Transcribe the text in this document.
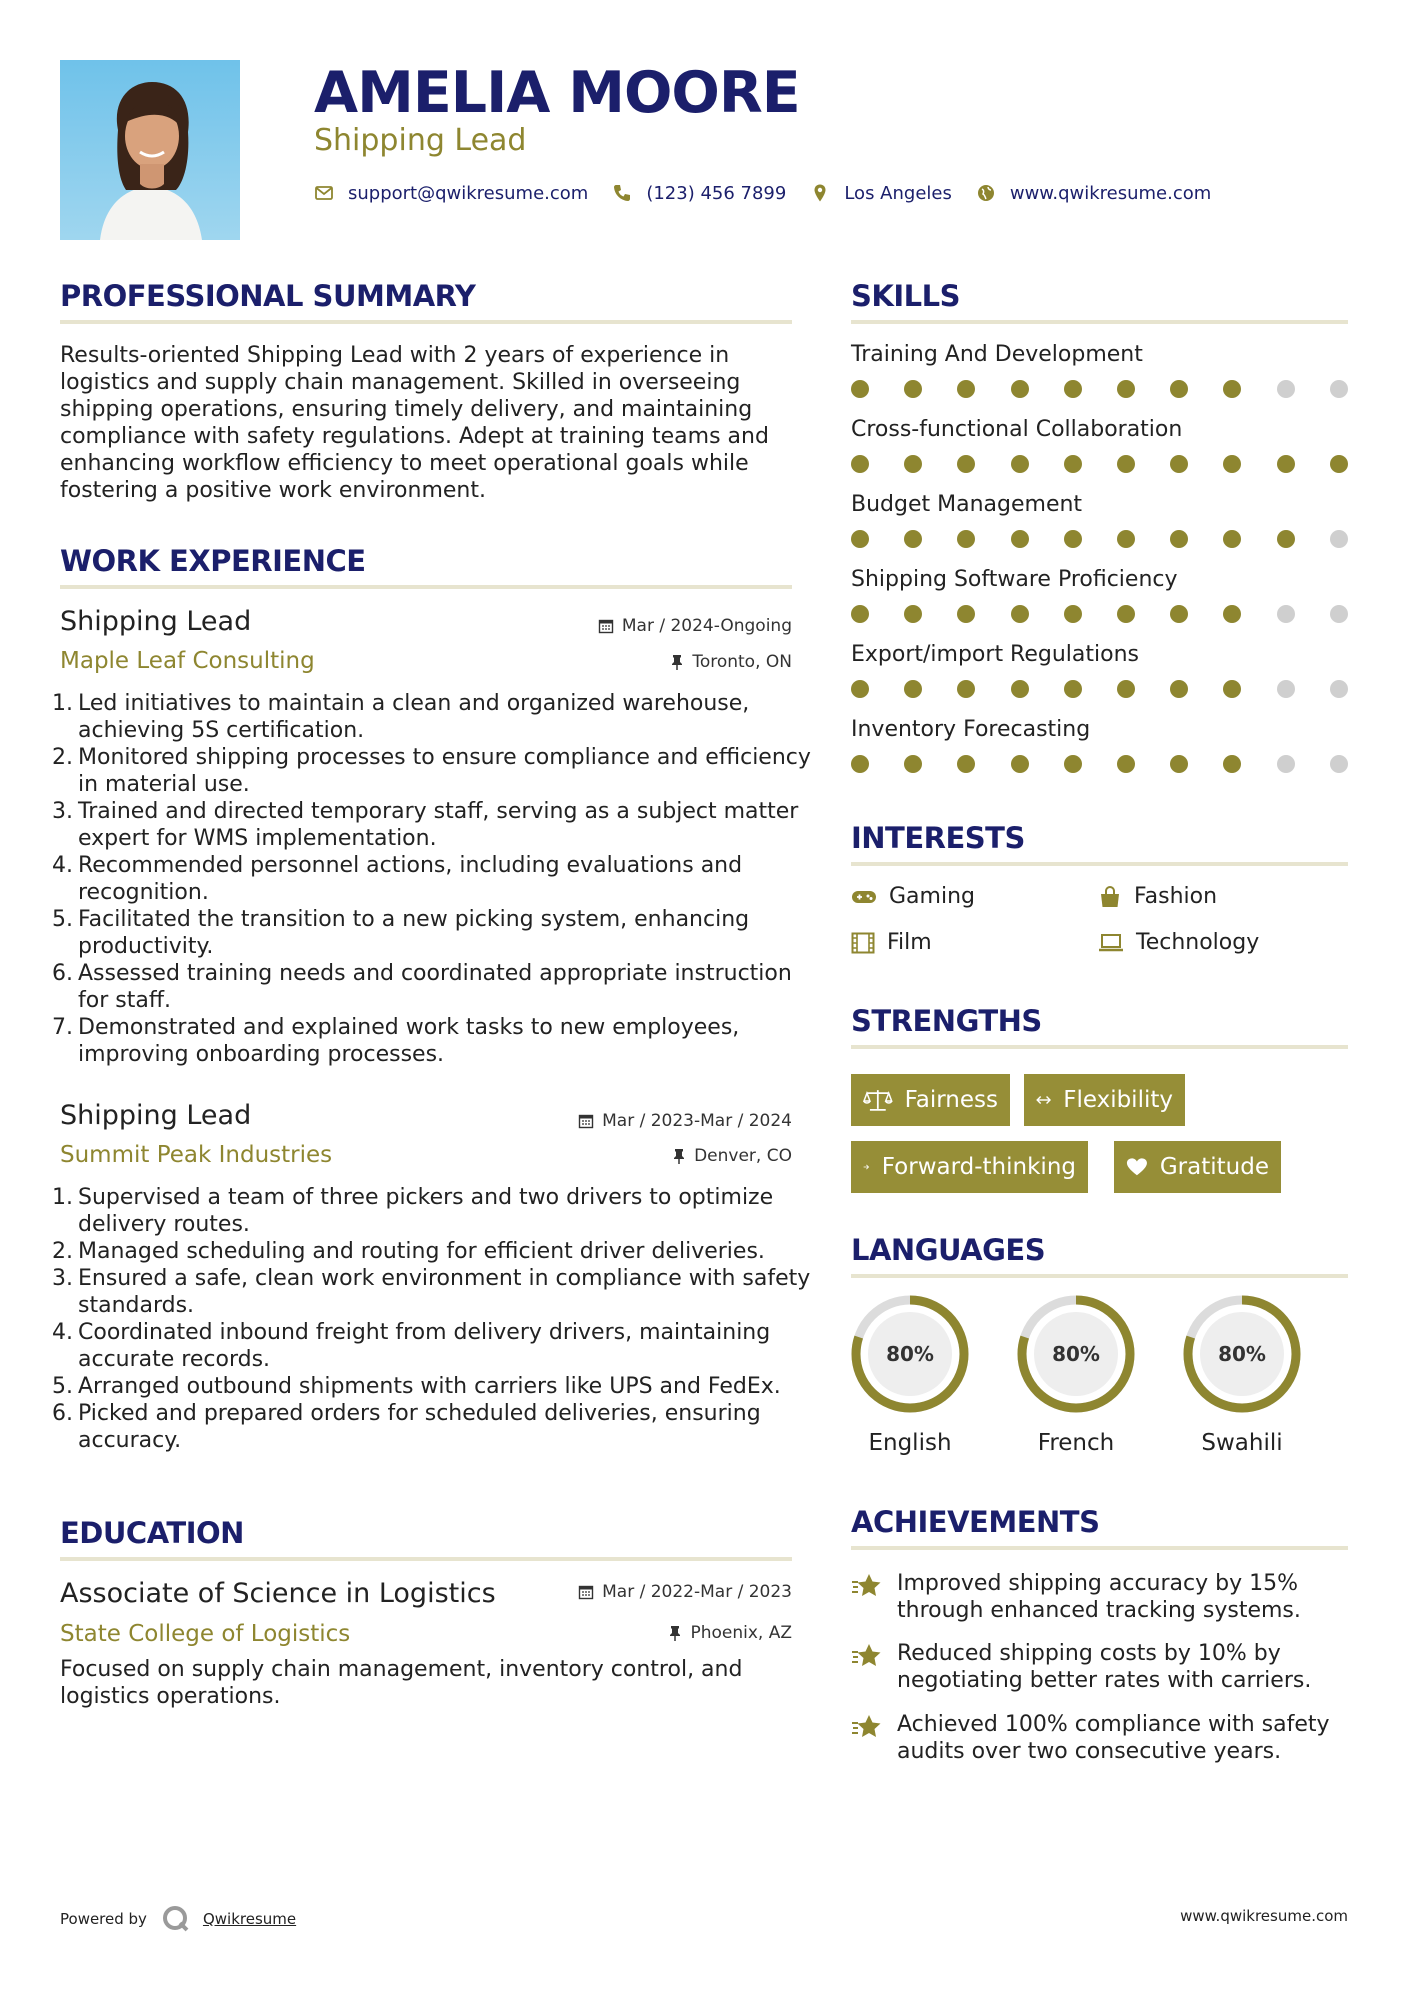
AMELIA MOORE
Shipping Lead
support@qwikresume.com	(123) 456 7899	Los Angeles	www.qwikresume.com
PROFESSIONAL SUMMARY
Results-oriented Shipping Lead with 2 years of experience in logistics and supply chain management. Skilled in overseeing shipping operations, ensuring timely delivery, and maintaining compliance with safety regulations. Adept at training teams and enhancing workflow efficiency to meet operational goals while fostering a positive work environment.
WORK EXPERIENCE
Shipping Lead	Mar / 2024-Ongoing
Maple Leaf Consulting	Toronto, ON
Led initiatives to maintain a clean and organized warehouse, achieving 5S certification.
Monitored shipping processes to ensure compliance and efficiency in material use.
Trained and directed temporary staff, serving as a subject matter expert for WMS implementation.
Recommended personnel actions, including evaluations and recognition.
Facilitated the transition to a new picking system, enhancing productivity.
Assessed training needs and coordinated appropriate instruction for staff.
Demonstrated and explained work tasks to new employees, improving onboarding processes.
Shipping Lead	Mar / 2023-Mar / 2024
Summit Peak Industries	Denver, CO
Supervised a team of three pickers and two drivers to optimize delivery routes.
Managed scheduling and routing for efficient driver deliveries.
Ensured a safe, clean work environment in compliance with safety standards.
Coordinated inbound freight from delivery drivers, maintaining accurate records.
Arranged outbound shipments with carriers like UPS and FedEx.
Picked and prepared orders for scheduled deliveries, ensuring accuracy.
EDUCATION
Associate of Science in Logistics	Mar / 2022-Mar / 2023
State College of Logistics	Phoenix, AZ
Focused on supply chain management, inventory control, and logistics operations.
SKILLS
Training And Development
Cross-functional Collaboration
Budget Management
Shipping Software Proficiency
Export/import Regulations
Inventory Forecasting
INTERESTS
Gaming	Fashion
Film	Technology
STRENGTHS
Fairness	Flexibility
Forward-thinking	Gratitude
LANGUAGES
80%
English
80%
French
80%
Swahili
ACHIEVEMENTS
Improved shipping accuracy by 15% through enhanced tracking systems.
Reduced shipping costs by 10% by negotiating better rates with carriers.
Achieved 100% compliance with safety audits over two consecutive years.
Powered by	Qwikresume	www.qwikresume.com
